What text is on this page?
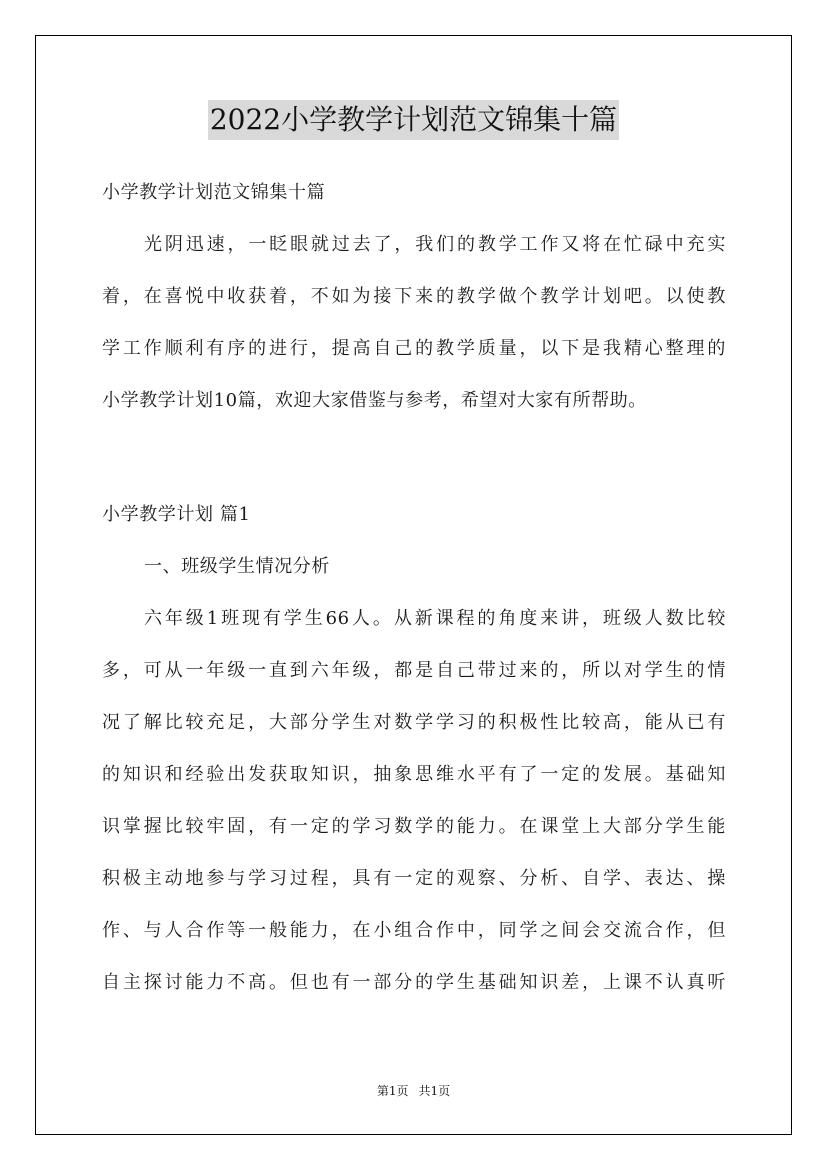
2022小学教学计划范文锦集十篇
小学教学计划范文锦集十篇
光阴迅速，一眨眼就过去了，我们的教学工作又将在忙碌中充实
着，在喜悦中收获着，不如为接下来的教学做个教学计划吧。以使教
学工作顺利有序的进行，提高自己的教学质量，以下是我精心整理的
小学教学计划10篇，欢迎大家借鉴与参考，希望对大家有所帮助。
小学教学计划 篇1
一、班级学生情况分析
六年级1班现有学生66人。从新课程的角度来讲，班级人数比较
多，可从一年级一直到六年级，都是自己带过来的，所以对学生的情
况了解比较充足，大部分学生对数学学习的积极性比较高，能从已有
的知识和经验出发获取知识，抽象思维水平有了一定的发展。基础知
识掌握比较牢固，有一定的学习数学的能力。在课堂上大部分学生能
积极主动地参与学习过程，具有一定的观察、分析、自学、表达、操
作、与人合作等一般能力，在小组合作中，同学之间会交流合作，但
自主探讨能力不高。但也有一部分的学生基础知识差，上课不认真听
第1页 共1页
